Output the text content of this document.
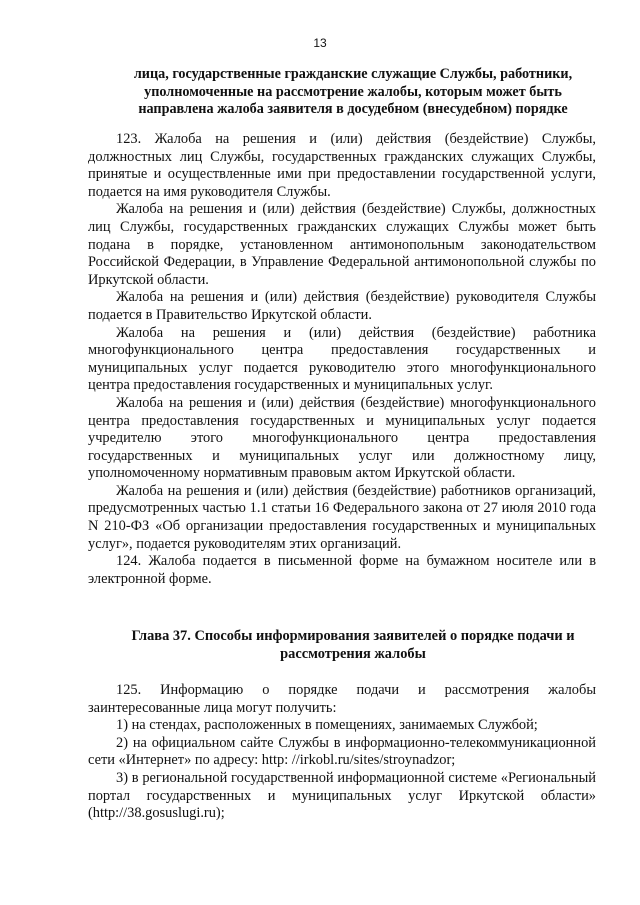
13
лица, государственные гражданские служащие Службы, работники, уполномоченные на рассмотрение жалобы, которым может быть направлена жалоба заявителя в досудебном (внесудебном) порядке

123. Жалоба на решения и (или) действия (бездействие) Службы, должностных лиц Службы, государственных гражданских служащих Службы, принятые и осуществленные ими при предоставлении государственной услуги, подается на имя руководителя Службы.

Жалоба на решения и (или) действия (бездействие) Службы, должностных лиц Службы, государственных гражданских служащих Службы может быть подана в порядке, установленном антимонопольным законодательством Российской Федерации, в Управление Федеральной антимонопольной службы по Иркутской области.

Жалоба на решения и (или) действия (бездействие) руководителя Службы подается в Правительство Иркутской области.

Жалоба на решения и (или) действия (бездействие) работника многофункционального центра предоставления государственных и муниципальных услуг подается руководителю этого многофункционального центра предоставления государственных и муниципальных услуг.

Жалоба на решения и (или) действия (бездействие) многофункционального центра предоставления государственных и муниципальных услуг подается учредителю этого многофункционального центра предоставления государственных и муниципальных услуг или должностному лицу, уполномоченному нормативным правовым актом Иркутской области.

Жалоба на решения и (или) действия (бездействие) работников организаций, предусмотренных частью 1.1 статьи 16 Федерального закона от 27 июля 2010 года N 210-ФЗ «Об организации предоставления государственных и муниципальных услуг», подается руководителям этих организаций.

124. Жалоба подается в письменной форме на бумажном носителе или в электронной форме.

Глава 37. Способы информирования заявителей о порядке подачи и рассмотрения жалобы

125. Информацию о порядке подачи и рассмотрения жалобы заинтересованные лица могут получить:

1) на стендах, расположенных в помещениях, занимаемых Службой;

2) на официальном сайте Службы в информационно-телекоммуникационной сети «Интернет» по адресу: http: //irkobl.ru/sites/stroynadzor;

3) в региональной государственной информационной системе «Региональный портал государственных и муниципальных услуг Иркутской области» (http://38.gosuslugi.ru);
